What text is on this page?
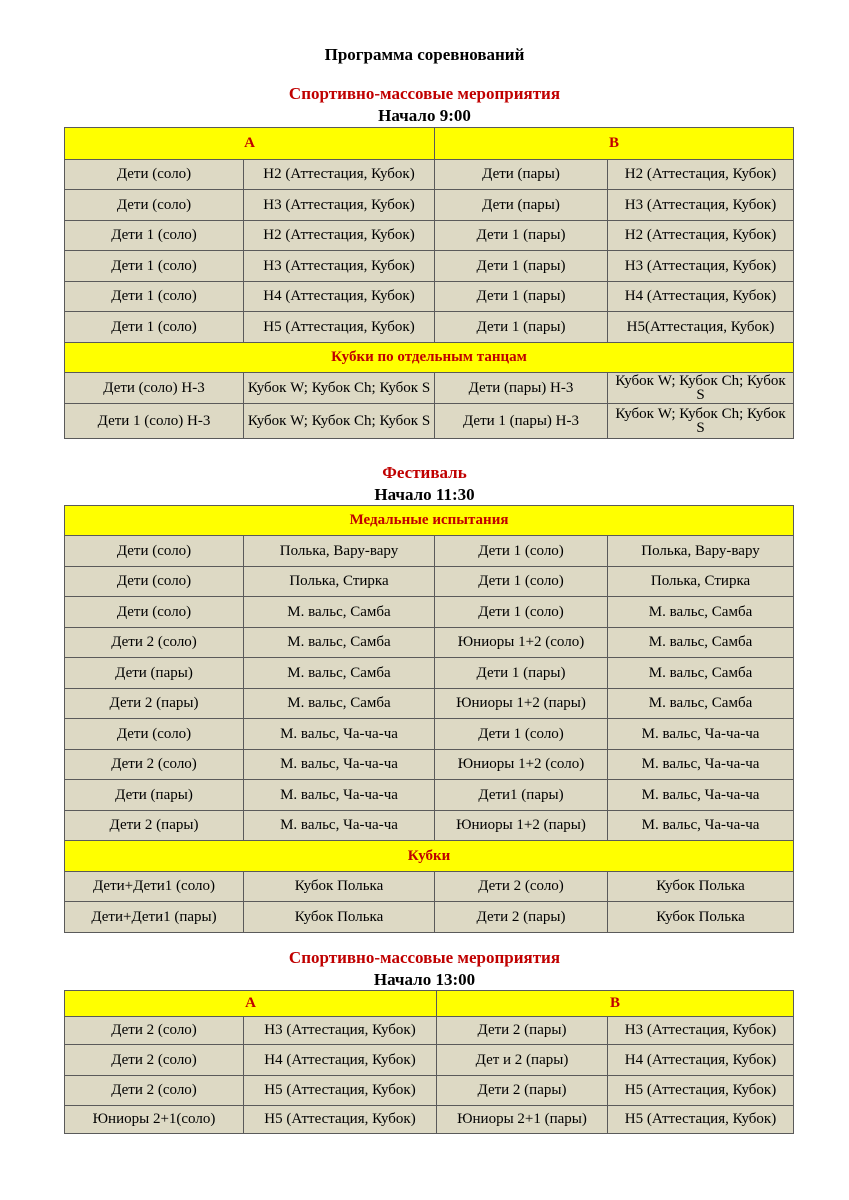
Программа соревнований
Спортивно-массовые мероприятия
Начало 9:00
A		B	
Дети (соло)	Н2 (Аттестация, Кубок)	Дети (пары)	Н2 (Аттестация, Кубок)
Дети (соло)	Н3 (Аттестация, Кубок)	Дети (пары)	Н3 (Аттестация, Кубок)
Дети 1 (соло)	Н2 (Аттестация, Кубок)	Дети 1 (пары)	Н2 (Аттестация, Кубок)
Дети 1 (соло)	Н3 (Аттестация, Кубок)	Дети 1 (пары)	Н3 (Аттестация, Кубок)
Дети 1 (соло)	Н4 (Аттестация, Кубок)	Дети 1 (пары)	Н4 (Аттестация, Кубок)
Дети 1 (соло)	Н5 (Аттестация, Кубок)	Дети 1 (пары)	Н5(Аттестация, Кубок)
Кубки по отдельным танцам			
Дети (соло) Н-3	Кубок W; Кубок Ch; Кубок S	Дети (пары) Н-3	Кубок W; Кубок Ch; Кубок S
Дети 1 (соло) Н-3	Кубок W; Кубок Ch; Кубок S	Дети 1 (пары) Н-3	Кубок W; Кубок Ch; Кубок S
Фестиваль
Начало 11:30
Медальные испытания			
Дети (соло)	Полька, Вару-вару	Дети 1 (соло)	Полька, Вару-вару
Дети (соло)	Полька, Стирка	Дети 1 (соло)	Полька, Стирка
Дети (соло)	М. вальс, Самба	Дети 1 (соло)	М. вальс, Самба
Дети 2 (соло)	М. вальс, Самба	Юниоры 1+2 (соло)	М. вальс, Самба
Дети (пары)	М. вальс, Самба	Дети 1 (пары)	М. вальс, Самба
Дети 2 (пары)	М. вальс, Самба	Юниоры 1+2 (пары)	М. вальс, Самба
Дети (соло)	М. вальс, Ча-ча-ча	Дети 1 (соло)	М. вальс, Ча-ча-ча
Дети 2 (соло)	М. вальс, Ча-ча-ча	Юниоры 1+2 (соло)	М. вальс, Ча-ча-ча
Дети (пары)	М. вальс, Ча-ча-ча	Дети1 (пары)	М. вальс, Ча-ча-ча
Дети 2 (пары)	М. вальс, Ча-ча-ча	Юниоры 1+2 (пары)	М. вальс, Ча-ча-ча
Кубки			
Дети+Дети1 (соло)	Кубок Полька	Дети 2 (соло)	Кубок Полька
Дети+Дети1 (пары)	Кубок Полька	Дети 2 (пары)	Кубок Полька
Спортивно-массовые мероприятия
Начало 13:00
A		B	
Дети 2 (соло)	Н3 (Аттестация, Кубок)	Дети 2 (пары)	Н3 (Аттестация, Кубок)
Дети 2 (соло)	Н4 (Аттестация, Кубок)	Дет и 2 (пары)	Н4 (Аттестация, Кубок)
Дети 2 (соло)	Н5 (Аттестация, Кубок)	Дети 2 (пары)	Н5 (Аттестация, Кубок)
Юниоры 2+1(соло)	Н5 (Аттестация, Кубок)	Юниоры 2+1 (пары)	Н5 (Аттестация, Кубок)
